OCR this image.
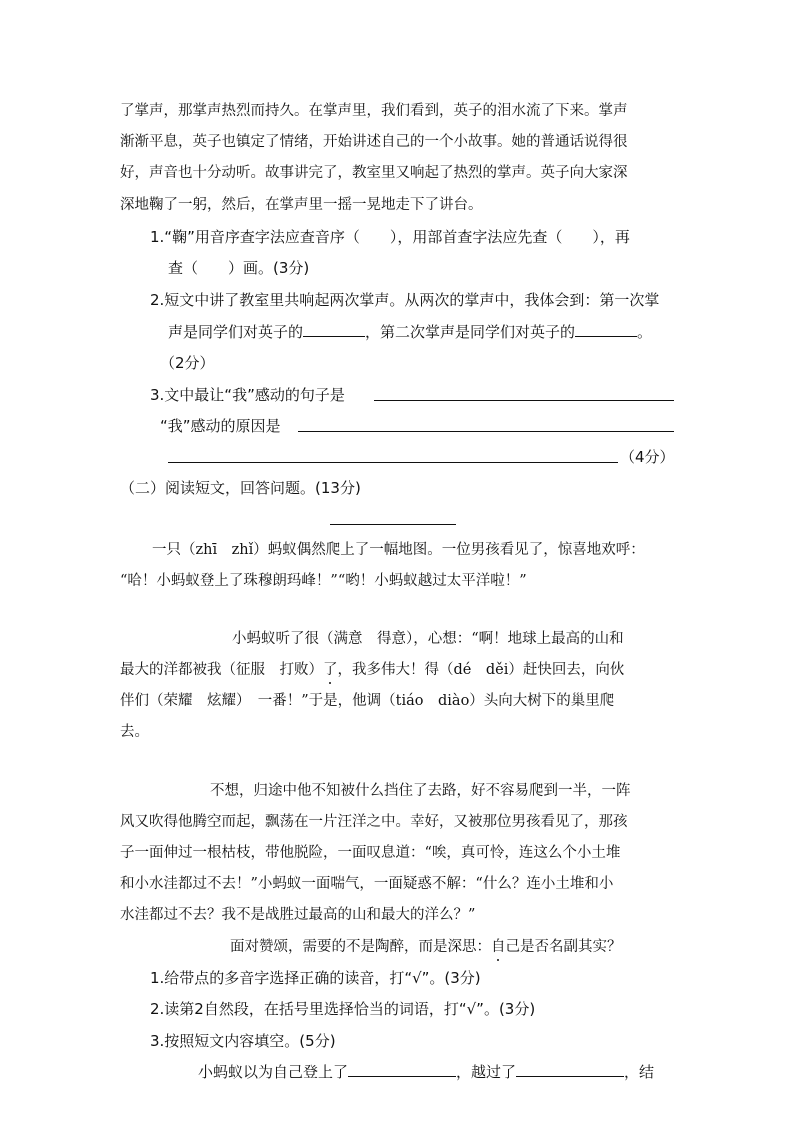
了掌声，那掌声热烈而持久。在掌声里，我们看到，英子的泪水流了下来。掌声
渐渐平息，英子也镇定了情绪，开始讲述自己的一个小故事。她的普通话说得很
好，声音也十分动听。故事讲完了，教室里又响起了热烈的掌声。英子向大家深
深地鞠了一躬，然后，在掌声里一摇一晃地走下了讲台。
1.“鞠”用音序查字法应查音序（　　），用部首查字法应先查（　　），再
查（　　）画。(3分)
2.短文中讲了教室里共响起两次掌声。从两次的掌声中，我体会到：第一次掌
声是同学们对英子的	，第二次掌声是同学们对英子的	。
（2分）
3.文中最让“我”感动的句子是
“我”感动的原因是
（4分）
（二）阅读短文，回答问题。(13分)
一只（zhī　zhǐ）蚂蚁偶然爬上了一幅地图。一位男孩看见了，惊喜地欢呼：
“哈！小蚂蚁登上了珠穆朗玛峰！”“哟！小蚂蚁越过太平洋啦！”
小蚂蚁听了很（满意　得意），心想：“啊！地球上最高的山和
最大的洋都被我（征服　打败）了，我多伟大！得（dé　děi）赶快回去，向伙
伴们（荣耀　炫耀）　一番！”于是，他调（tiáo　diào）头向大树下的巢里爬
去。
不想，归途中他不知被什么挡住了去路，好不容易爬到一半，一阵
风又吹得他腾空而起，飘荡在一片汪洋之中。幸好，又被那位男孩看见了，那孩
子一面伸过一根枯枝，带他脱险，一面叹息道：“唉，真可怜，连这么个小土堆
和小水洼都过不去！”小蚂蚁一面喘气，一面疑惑不解：“什么？连小土堆和小
水洼都过不去？我不是战胜过最高的山和最大的洋么？”
面对赞颂，需要的不是陶醉，而是深思：自己是否名副其实？
1.给带点的多音字选择正确的读音，打“√”。(3分)
2.读第2自然段，在括号里选择恰当的词语，打“√”。(3分)
3.按照短文内容填空。(5分)
小蚂蚁以为自己登上了	，越过了	，结
